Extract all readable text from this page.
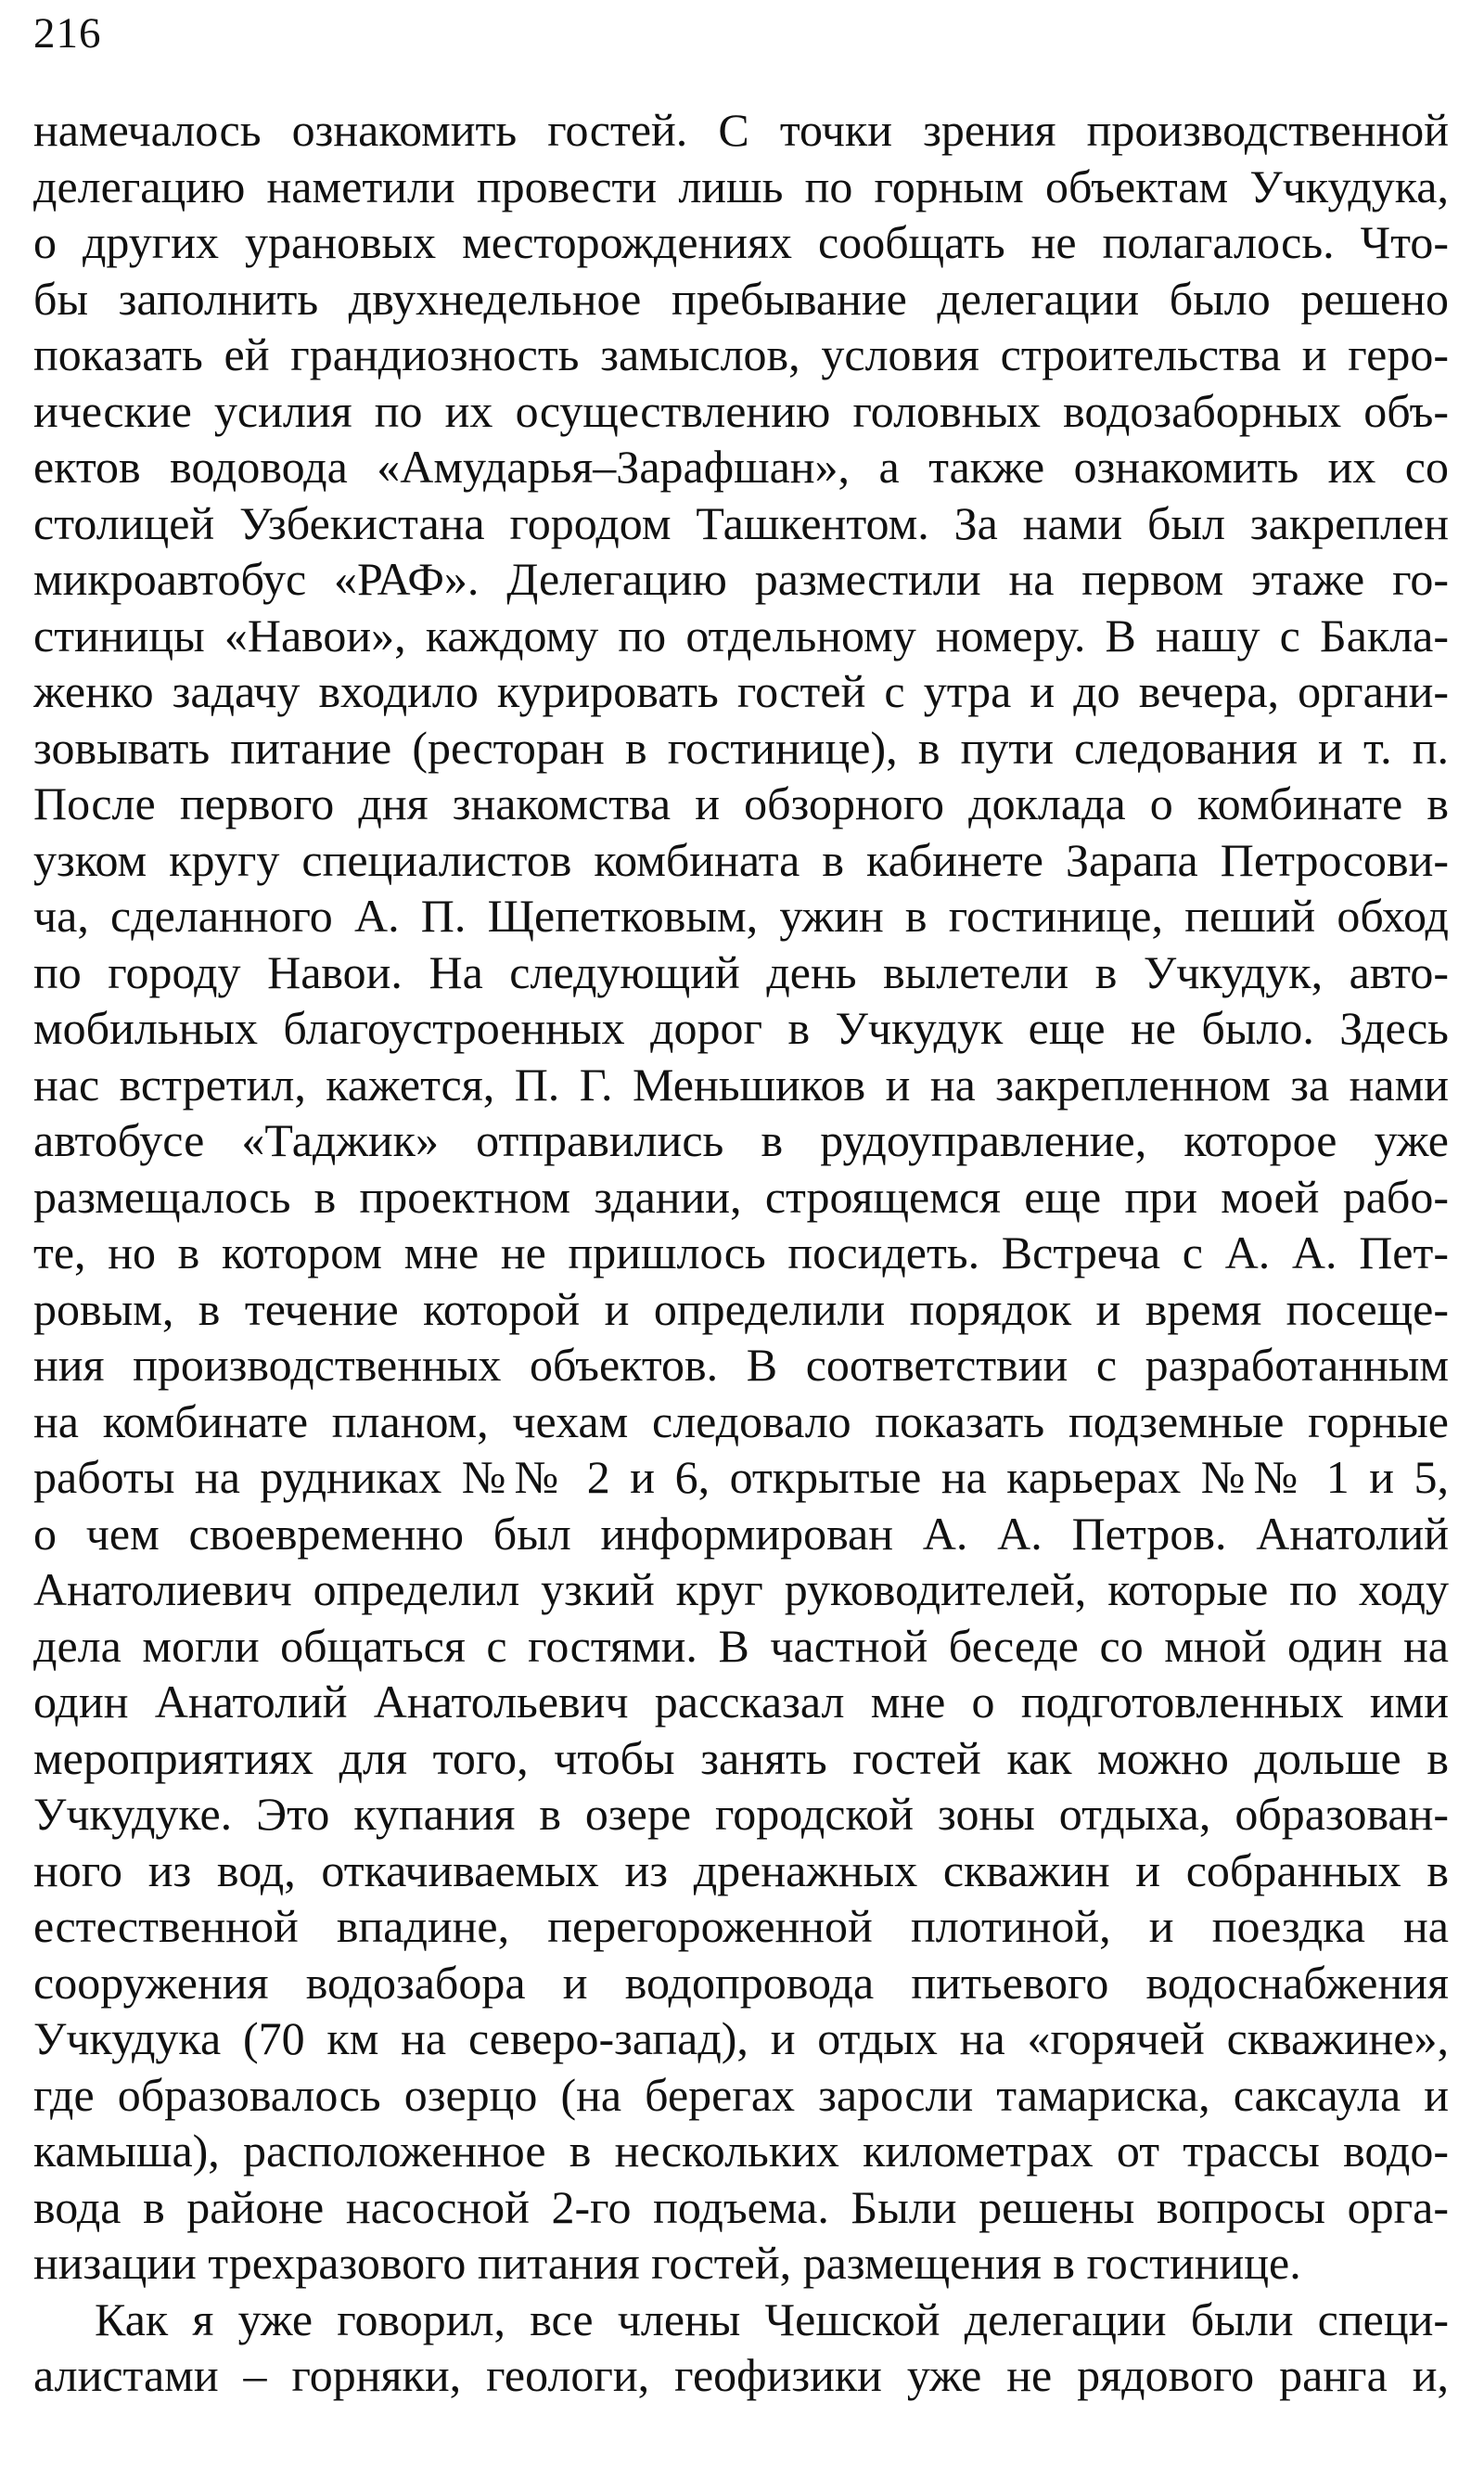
216
намечалось ознакомить гостей. С точки зрения производственной
делегацию наметили провести лишь по горным объектам Учкудука,
о других урановых месторождениях сообщать не полагалось. Что-
бы заполнить двухнедельное пребывание делегации было решено
показать ей грандиозность замыслов, условия строительства и геро-
ические усилия по их осуществлению головных водозаборных объ-
ектов водовода «Амударья–Зарафшан», а также ознакомить их со
столицей Узбекистана городом Ташкентом. За нами был закреплен
микроавтобус «РАФ». Делегацию разместили на первом этаже го-
стиницы «Навои», каждому по отдельному номеру. В нашу с Бакла-
женко задачу входило курировать гостей с утра и до вечера, органи-
зовывать питание (ресторан в гостинице), в пути следования и т. п.
После первого дня знакомства и обзорного доклада о комбинате в
узком кругу специалистов комбината в кабинете Зарапа Петросови-
ча, сделанного А. П. Щепетковым, ужин в гостинице, пеший обход
по городу Навои. На следующий день вылетели в Учкудук, авто-
мобильных благоустроенных дорог в Учкудук еще не было. Здесь
нас встретил, кажется, П. Г. Меньшиков и на закрепленном за нами
автобусе «Таджик» отправились в рудоуправление, которое уже
размещалось в проектном здании, строящемся еще при моей рабо-
те, но в котором мне не пришлось посидеть. Встреча с А. А. Пет-
ровым, в течение которой и определили порядок и время посеще-
ния производственных объектов. В соответствии с разработанным
на комбинате планом, чехам следовало показать подземные горные
работы на рудниках №№ 2 и 6, открытые на карьерах №№ 1 и 5,
о чем своевременно был информирован А. А. Петров. Анатолий
Анатолиевич определил узкий круг руководителей, которые по ходу
дела могли общаться с гостями. В частной беседе со мной один на
один Анатолий Анатольевич рассказал мне о подготовленных ими
мероприятиях для того, чтобы занять гостей как можно дольше в
Учкудуке. Это купания в озере городской зоны отдыха, образован-
ного из вод, откачиваемых из дренажных скважин и собранных в
естественной впадине, перегороженной плотиной, и поездка на
сооружения водозабора и водопровода питьевого водоснабжения
Учкудука (70 км на северо-запад), и отдых на «горячей скважине»,
где образовалось озерцо (на берегах заросли тамариска, саксаула и
камыша), расположенное в нескольких километрах от трассы водо-
вода в районе насосной 2-го подъема. Были решены вопросы орга-
низации трехразового питания гостей, размещения в гостинице.
Как я уже говорил, все члены Чешской делегации были специ-
алистами – горняки, геологи, геофизики уже не рядового ранга и,
